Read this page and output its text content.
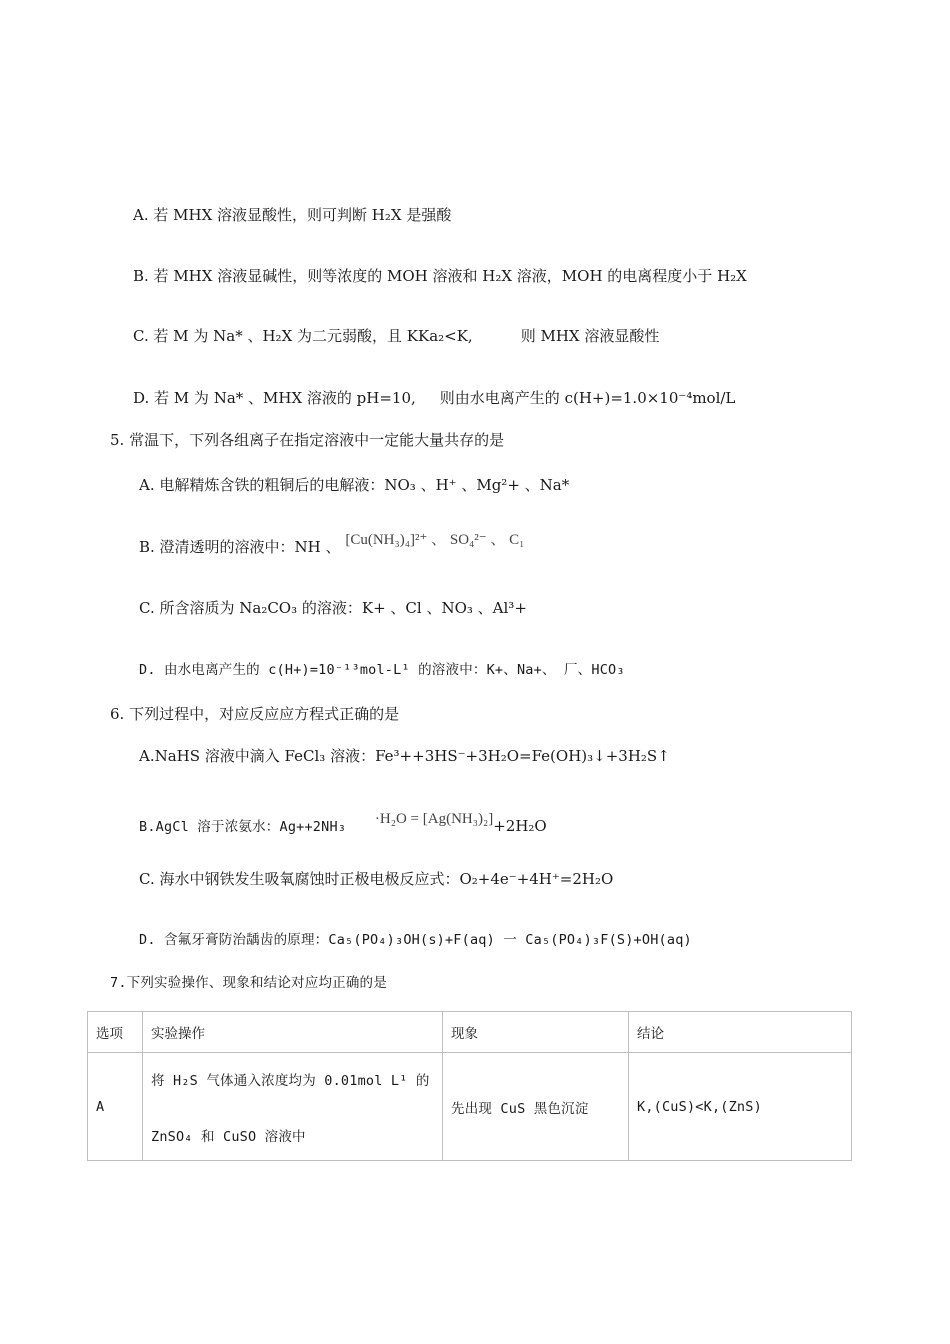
A. 若 MHX 溶液显酸性，则可判断 H₂X 是强酸
B. 若 MHX 溶液显碱性，则等浓度的 MOH 溶液和 H₂X 溶液，MOH 的电离程度小于 H₂X
C. 若 M 为 Na* 、H₂X 为二元弱酸，且 KKa₂<K,	则 MHX 溶液显酸性
D. 若 M 为 Na* 、MHX 溶液的 pH=10, 则由水电离产生的 c(H+)=1.0×10⁻⁴mol/L
5. 常温下，下列各组离子在指定溶液中一定能大量共存的是
A. 电解精炼含铁的粗铜后的电解液：NO₃ 、H⁺ 、Mg²+ 、Na*
B. 澄清透明的溶液中：NH 、 [Cu(NH₃)₄]²⁺ 、 SO₄²⁻ 、 C₁
C. 所含溶质为 Na₂CO₃ 的溶液：K+ 、Cl 、NO₃ 、Al³+
D. 由水电离产生的 c(H+)=10⁻¹³mol-L¹ 的溶液中：K+、Na+、 厂、HCO₃
6. 下列过程中，对应反应应方程式正确的是
A.NaHS 溶液中滴入 FeCl₃ 溶液：Fe³++3HS⁻+3H₂O=Fe(OH)₃↓+3H₂S↑
B.AgCl 溶于浓氨水：Ag++2NH₃ ·H₂O = [Ag(NH₃)₂]+2H₂O
C. 海水中钢铁发生吸氧腐蚀时正极电极反应式：O₂+4e⁻+4H⁺=2H₂O
D. 含氟牙膏防治龋齿的原理：Ca₅(PO₄)₃OH(s)+F(aq) 一 Ca₅(PO₄)₃F(S)+OH(aq)
7.下列实验操作、现象和结论对应均正确的是
选项	实验操作	现象	结论
A	将 H₂S 气体通入浓度均为 0.01mol L¹ 的
ZnSO₄ 和 CuSO 溶液中	先出现 CuS 黑色沉淀	K,(CuS)<K,(ZnS)
